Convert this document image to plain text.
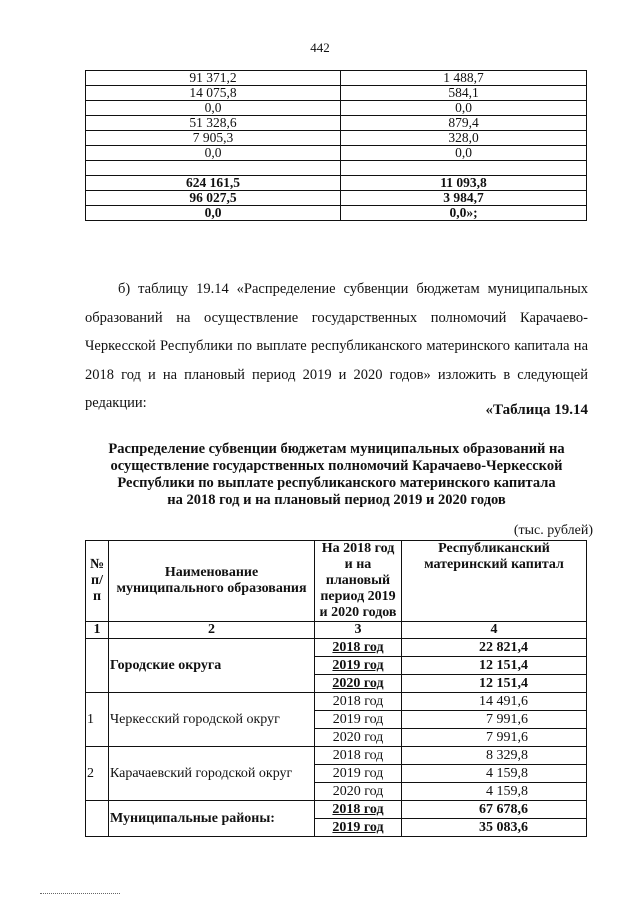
442
91 371,2	1 488,7
14 075,8	584,1
0,0	0,0
51 328,6	879,4
7 905,3	328,0
0,0	0,0

624 161,5	11 093,8
96 027,5	3 984,7
0,0	0,0»;

б) таблицу 19.14 «Распределение субвенции бюджетам муниципальных образований на осуществление государственных полномочий Карачаево-Черкесской Республики по выплате республиканского материнского капитала на 2018 год и на плановый период 2019 и 2020 годов» изложить в следующей редакции:	«Таблица 19.14

Распределение субвенции бюджетам муниципальных образований на
осуществление государственных полномочий Карачаево-Черкесской
Республики по выплате республиканского материнского капитала
на 2018 год и на плановый период 2019 и 2020 годов

(тыс. рублей)
№ п/п	Наименование муниципального образования	На 2018 год и на плановый период 2019 и 2020 годов	Республиканский материнский капитал
1	2	3	4
	Городские округа	2018 год	22 821,4
		2019 год	12 151,4
		2020 год	12 151,4
1	Черкесский городской округ	2018 год	14 491,6
		2019 год	7 991,6
		2020 год	7 991,6
2	Карачаевский городской округ	2018 год	8 329,8
		2019 год	4 159,8
		2020 год	4 159,8
	Муниципальные районы:	2018 год	67 678,6
		2019 год	35 083,6
